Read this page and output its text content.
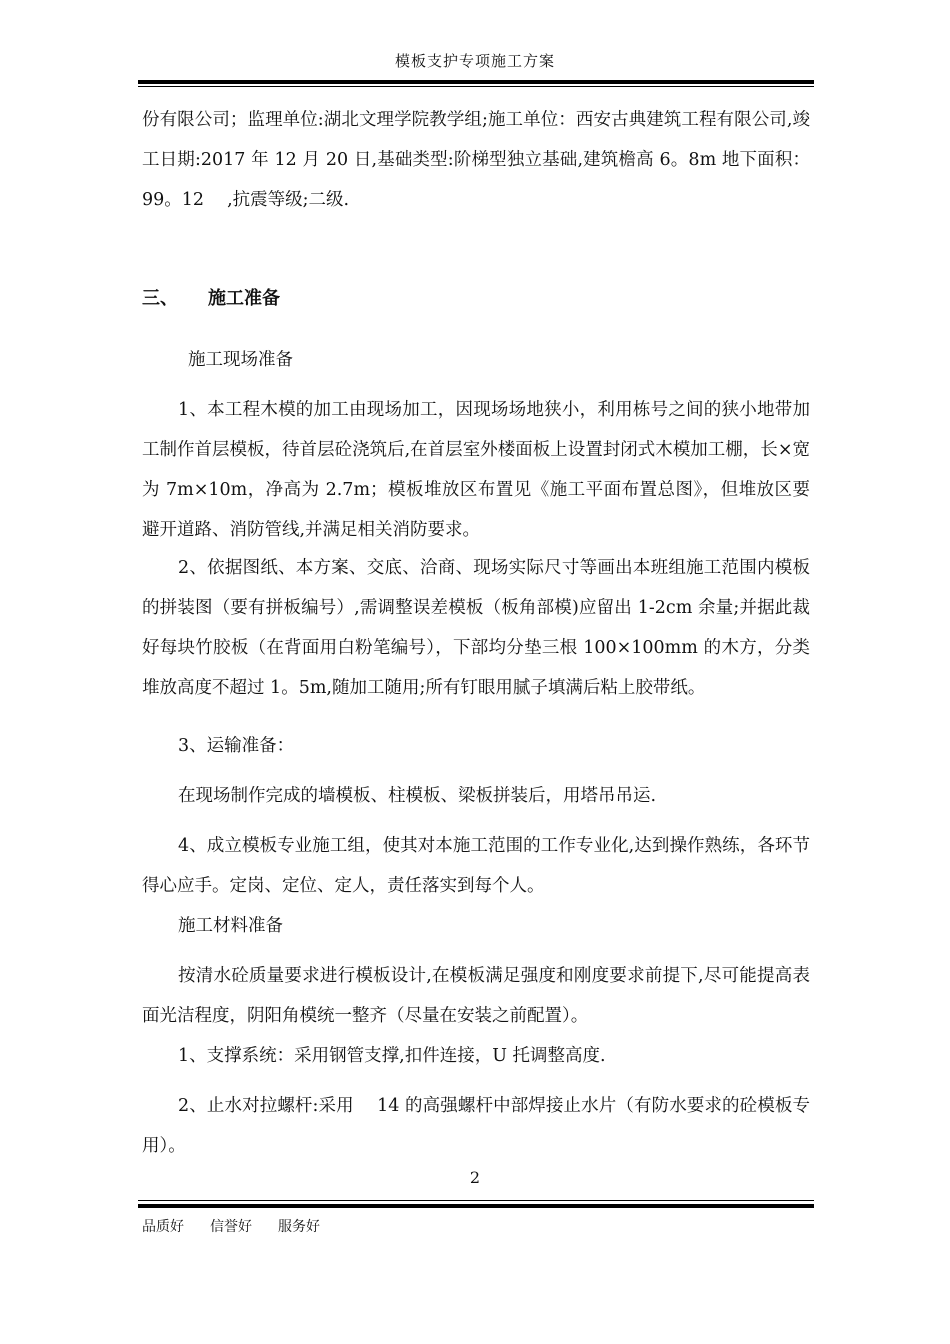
模板支护专项施工方案

份有限公司；监理单位:湖北文理学院教学组;施工单位：西安古典建筑工程有限公司,竣工日期:2017 年 12 月 20 日,基础类型:阶梯型独立基础,建筑檐高 6。8m 地下面积：99。12　 ,抗震等级;二级.

三、 施工准备

施工现场准备

1、本工程木模的加工由现场加工，因现场场地狭小，利用栋号之间的狭小地带加工制作首层模板，待首层砼浇筑后,在首层室外楼面板上设置封闭式木模加工棚，长×宽为 7m×10m，净高为 2.7m；模板堆放区布置见《施工平面布置总图》，但堆放区要避开道路、消防管线,并满足相关消防要求。

2、依据图纸、本方案、交底、洽商、现场实际尺寸等画出本班组施工范围内模板的拼装图（要有拼板编号）,需调整误差模板（板角部模)应留出 1-2cm 余量;并据此裁好每块竹胶板（在背面用白粉笔编号），下部均分垫三根 100×100mm 的木方，分类堆放高度不超过 1。5m,随加工随用;所有钉眼用腻子填满后粘上胶带纸。

3、运输准备：

在现场制作完成的墙模板、柱模板、梁板拼装后，用塔吊吊运.

4、成立模板专业施工组，使其对本施工范围的工作专业化,达到操作熟练，各环节得心应手。定岗、定位、定人，责任落实到每个人。

施工材料准备

按清水砼质量要求进行模板设计,在模板满足强度和刚度要求前提下,尽可能提高表面光洁程度，阴阳角模统一整齐（尽量在安装之前配置）。

1、支撑系统：采用钢管支撑,扣件连接，U 托调整高度.

2、止水对拉螺杆:采用　 14 的高强螺杆中部焊接止水片（有防水要求的砼模板专用）。

2
品质好 信誉好 服务好
